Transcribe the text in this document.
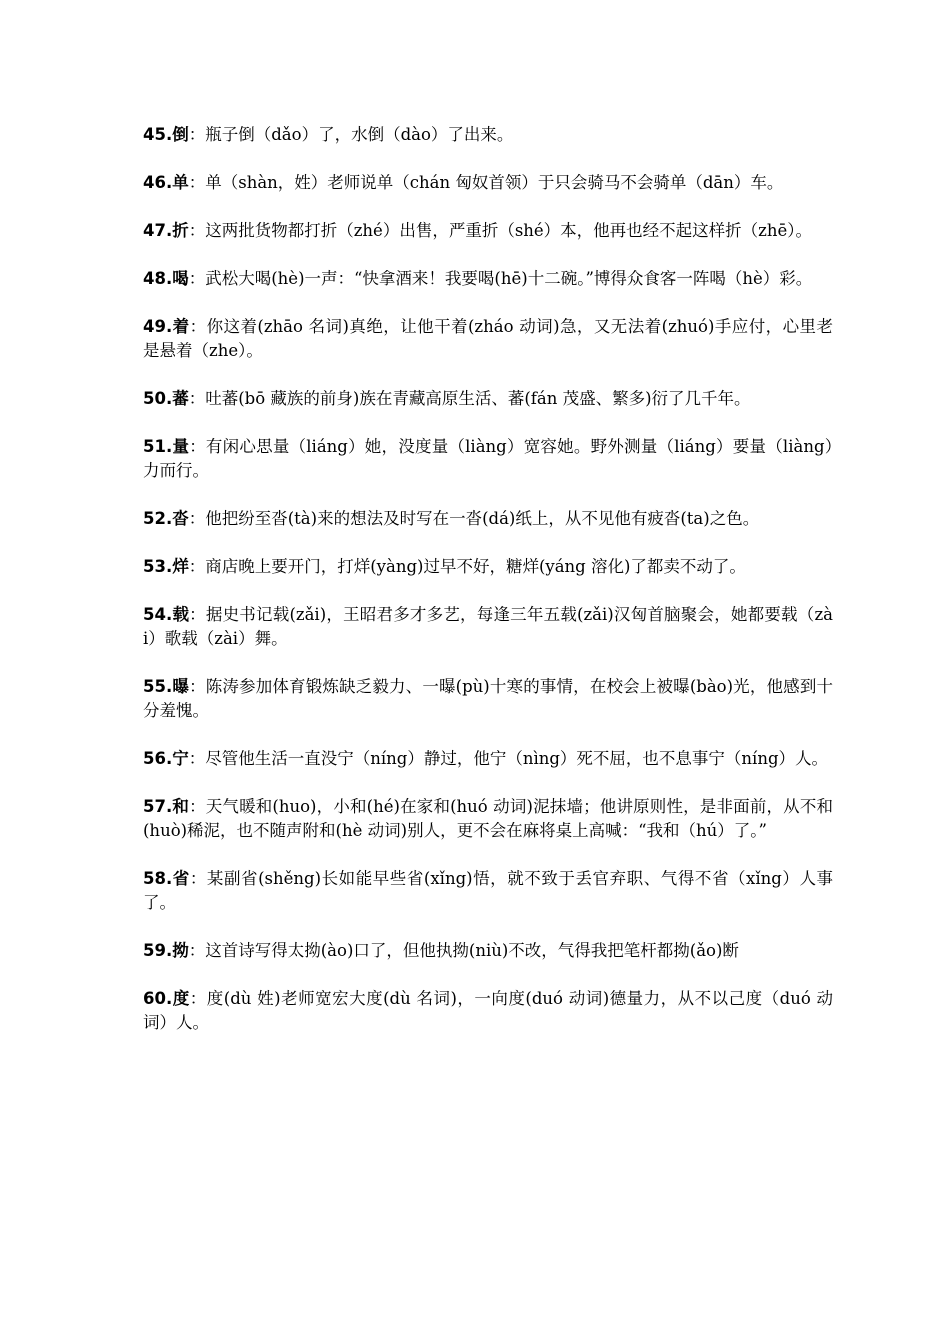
45.倒：瓶子倒（dǎo）了，水倒（dào）了出来。

46.单：单（shàn，姓）老师说单（chán 匈奴首领）于只会骑马不会骑单（dān）车。

47.折：这两批货物都打折（zhé）出售，严重折（shé）本，他再也经不起这样折（zhē）。

48.喝：武松大喝(hè)一声：“快拿酒来！我要喝(hē)十二碗。”博得众食客一阵喝（hè）彩。

49.着：你这着(zhāo 名词)真绝，让他干着(zháo 动词)急，又无法着(zhuó)手应付，心里老是悬着（zhe）。

50.蕃：吐蕃(bō 藏族的前身)族在青藏高原生活、蕃(fán 茂盛、繁多)衍了几千年。

51.量：有闲心思量（liáng）她，没度量（liàng）宽容她。野外测量（liáng）要量（liàng）力而行。

52.沓：他把纷至沓(tà)来的想法及时写在一沓(dá)纸上，从不见他有疲沓(ta)之色。

53.烊：商店晚上要开门，打烊(yàng)过早不好，糖烊(yáng 溶化)了都卖不动了。

54.载：据史书记载(zǎi)，王昭君多才多艺，每逢三年五载(zǎi)汉匈首脑聚会，她都要载（zài）歌载（zài）舞。

55.曝：陈涛参加体育锻炼缺乏毅力、一曝(pù)十寒的事情，在校会上被曝(bào)光，他感到十分羞愧。

56.宁：尽管他生活一直没宁（níng）静过，他宁（nìng）死不屈，也不息事宁（níng）人。

57.和：天气暖和(huo)，小和(hé)在家和(huó 动词)泥抹墙；他讲原则性，是非面前，从不和(huò)稀泥，也不随声附和(hè 动词)别人，更不会在麻将桌上高喊：“我和（hú）了。”

58.省：某副省(shěng)长如能早些省(xǐng)悟，就不致于丢官弃职、气得不省（xǐng）人事了。

59.拗：这首诗写得太拗(ào)口了，但他执拗(niù)不改，气得我把笔杆都拗(ǎo)断

60.度：度(dù 姓)老师宽宏大度(dù 名词)，一向度(duó 动词)德量力，从不以己度（duó 动词）人。
